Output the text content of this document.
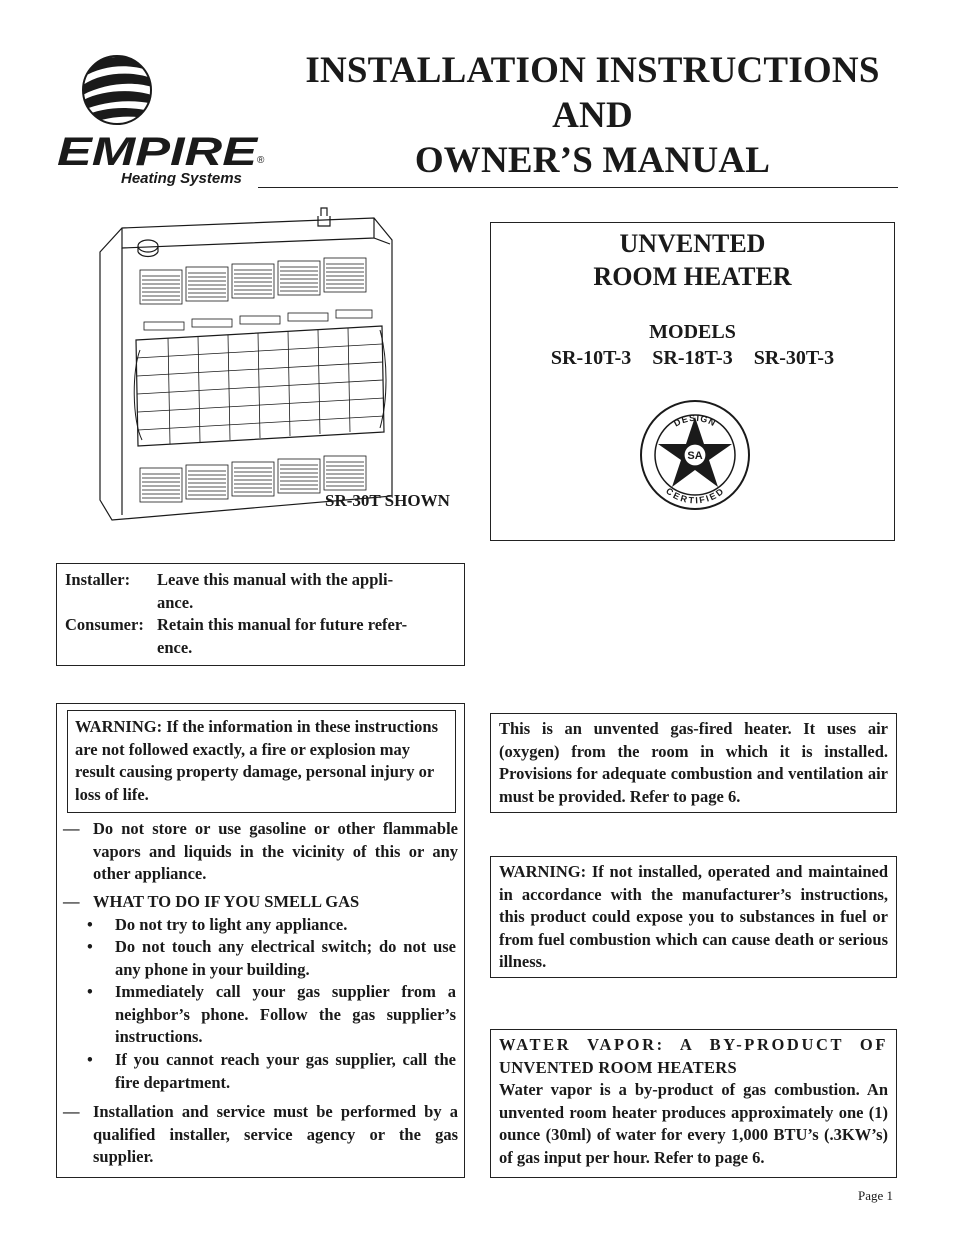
EMPIRE
®
Heating Systems
INSTALLATION INSTRUCTIONS
AND
OWNER’S MANUAL
SR-30T SHOWN
UNVENTED
ROOM HEATER
MODELS
SR-10T-3 SR-18T-3 SR-30T-3
SA
DESIGN
CERTIFIED
Installer:	Leave this manual with the appli-
ance.
Consumer: Retain this manual for future refer-
ence.
WARNING: If the information in these instructions are not followed exactly, a fire or explosion may result causing property damage, personal injury or loss of life.
— Do not store or use gasoline or other flammable vapors and liquids in the vicinity of this or any other appliance.
— WHAT TO DO IF YOU SMELL GAS
• Do not try to light any appliance.
• Do not touch any electrical switch; do not use any phone in your building.
• Immediately call your gas supplier from a neighbor’s phone. Follow the gas supplier’s instructions.
• If you cannot reach your gas supplier, call the fire department.
— Installation and service must be performed by a qualified installer, service agency or the gas supplier.
This is an unvented gas-fired heater. It uses air (oxygen) from the room in which it is installed. Provisions for adequate combustion and ventilation air must be provided. Refer to page 6.
WARNING: If not installed, operated and maintained in accordance with the manufacturer’s instructions, this product could expose you to substances in fuel or from fuel combustion which can cause death or serious illness.
WATER VAPOR: A BY-PRODUCT OF
UNVENTED ROOM HEATERS
Water vapor is a by-product of gas combustion. An unvented room heater produces approximately one (1) ounce (30ml) of water for every 1,000 BTU’s (.3KW’s) of gas input per hour. Refer to page 6.
Page 1
